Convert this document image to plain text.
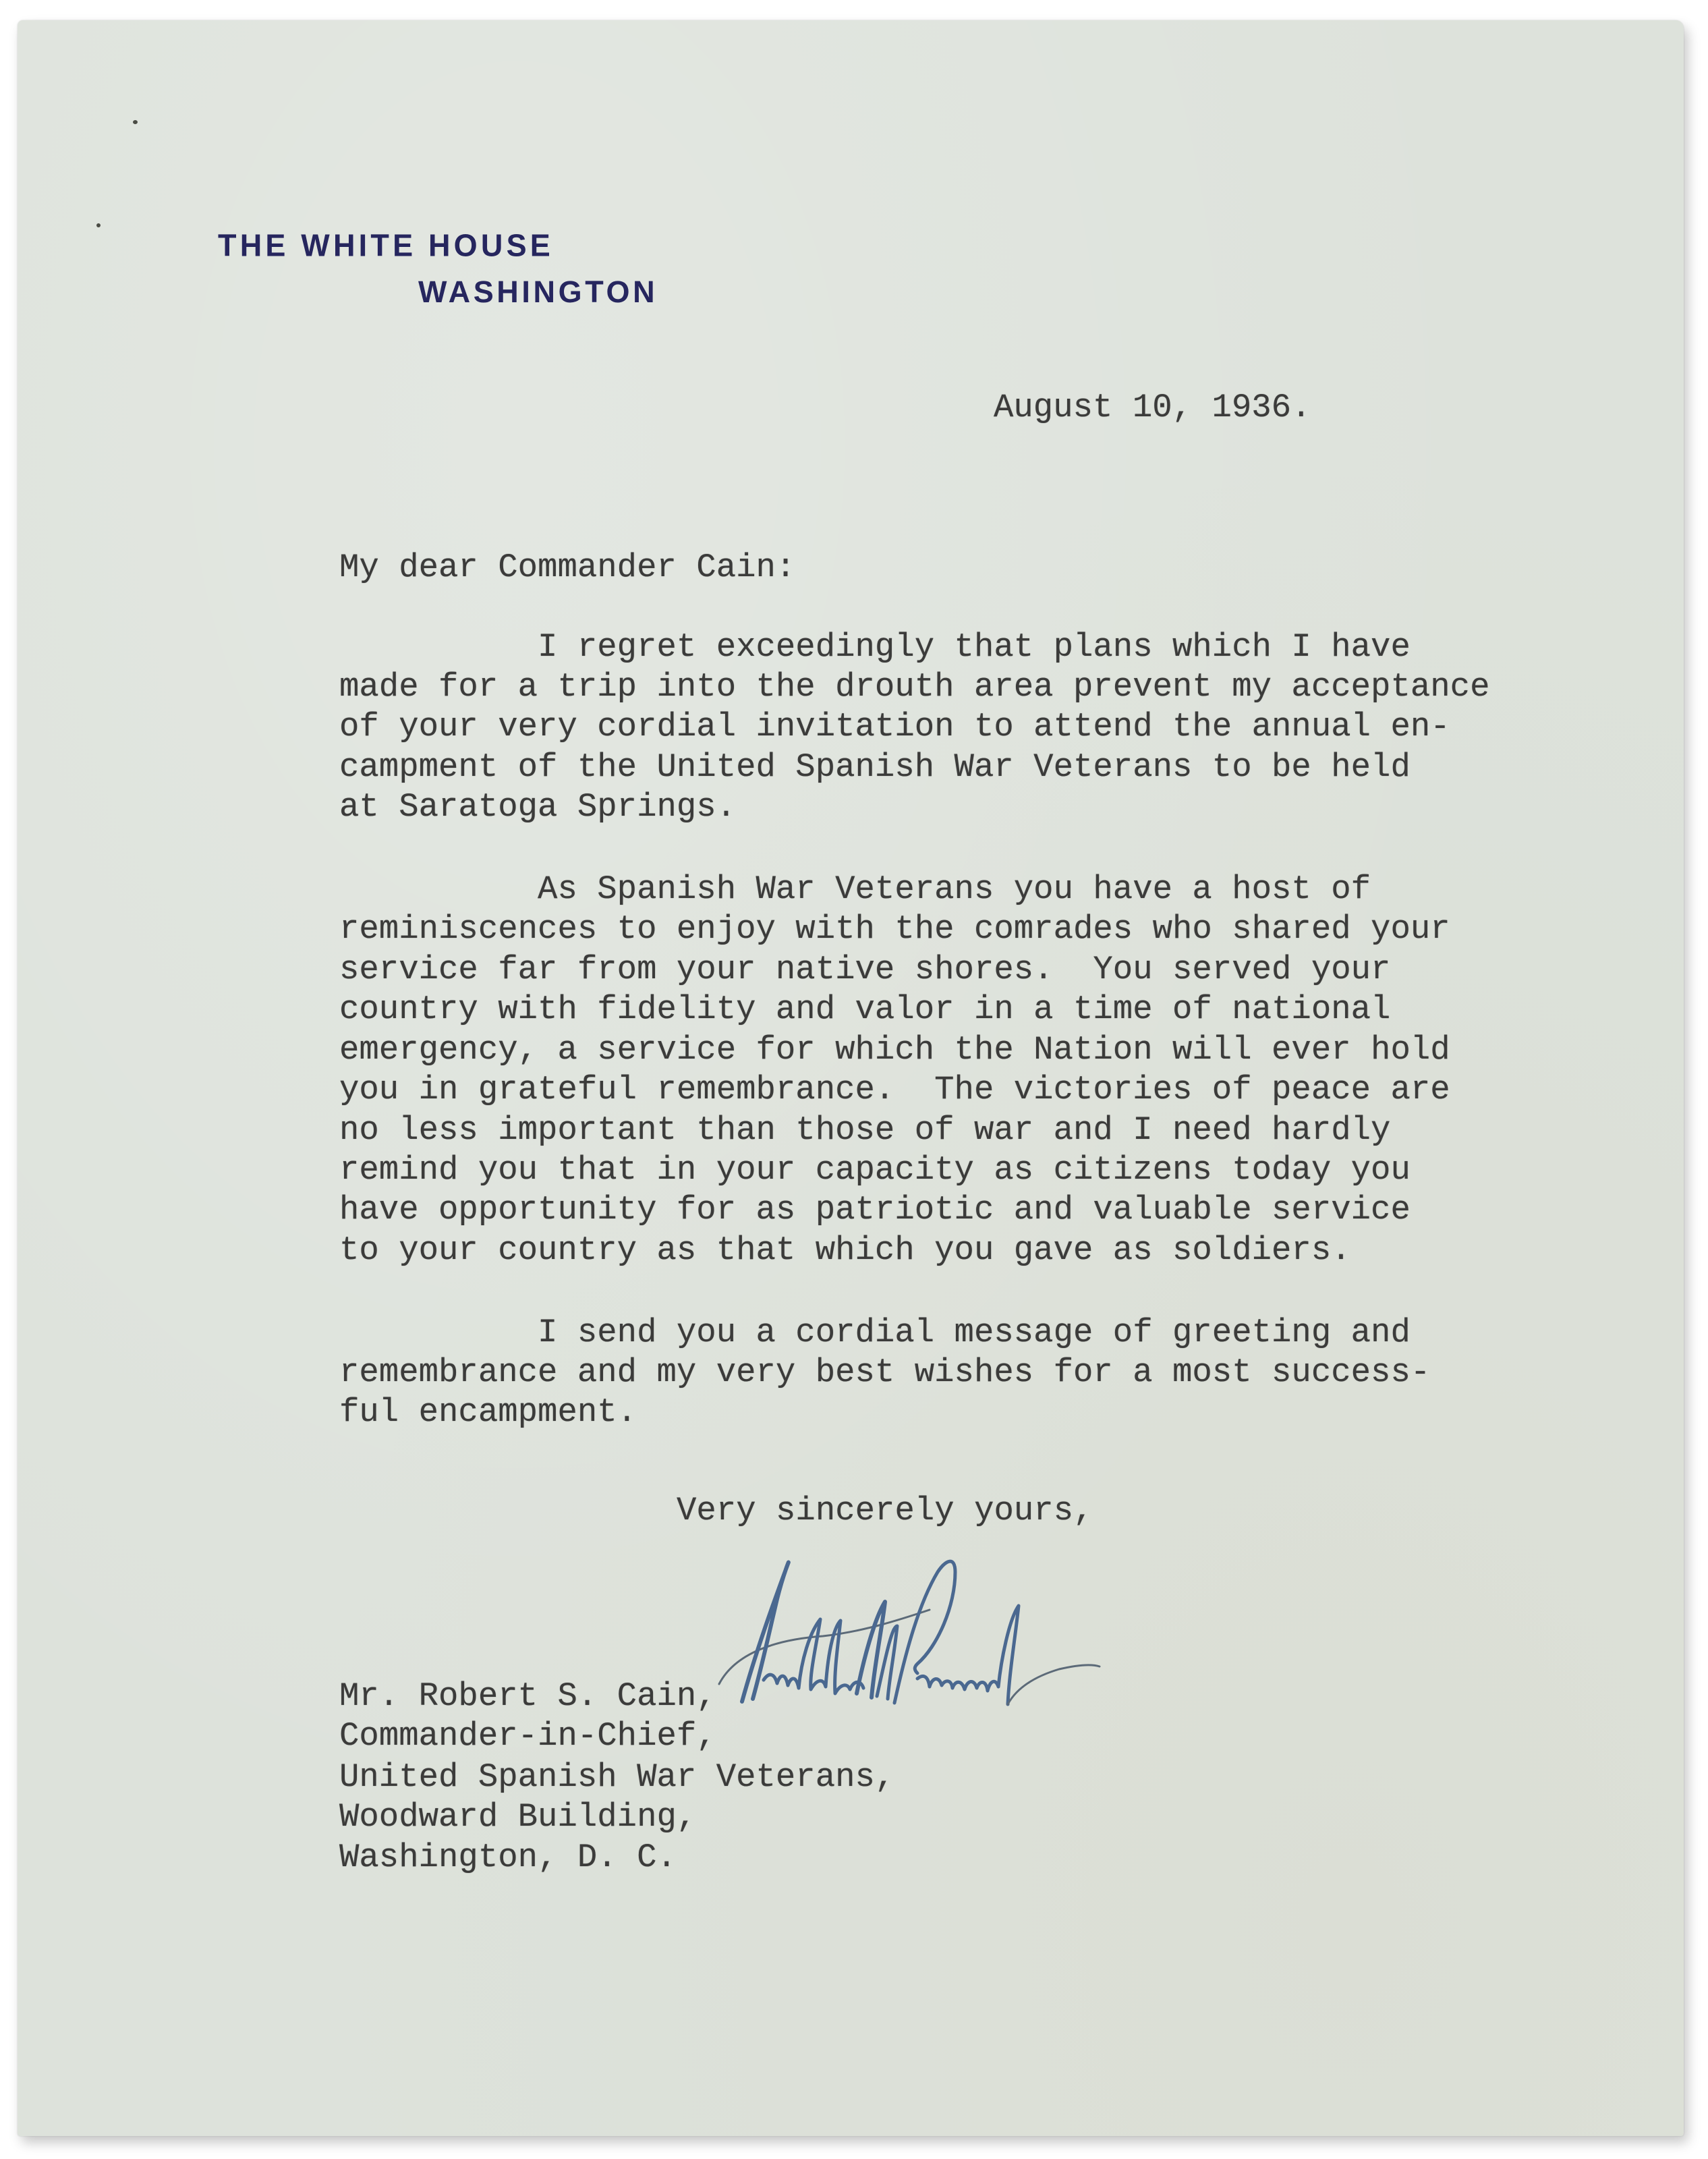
THE WHITE HOUSE
WASHINGTON
August 10, 1936.
My dear Commander Cain:
I regret exceedingly that plans which I have
made for a trip into the drouth area prevent my acceptance
of your very cordial invitation to attend the annual en-
campment of the United Spanish War Veterans to be held
at Saratoga Springs.
As Spanish War Veterans you have a host of
reminiscences to enjoy with the comrades who shared your
service far from your native shores.  You served your
country with fidelity and valor in a time of national
emergency, a service for which the Nation will ever hold
you in grateful remembrance.  The victories of peace are
no less important than those of war and I need hardly
remind you that in your capacity as citizens today you
have opportunity for as patriotic and valuable service
to your country as that which you gave as soldiers.
I send you a cordial message of greeting and
remembrance and my very best wishes for a most success-
ful encampment.
Very sincerely yours,
Mr. Robert S. Cain,
Commander-in-Chief,
United Spanish War Veterans,
Woodward Building,
Washington, D. C.
